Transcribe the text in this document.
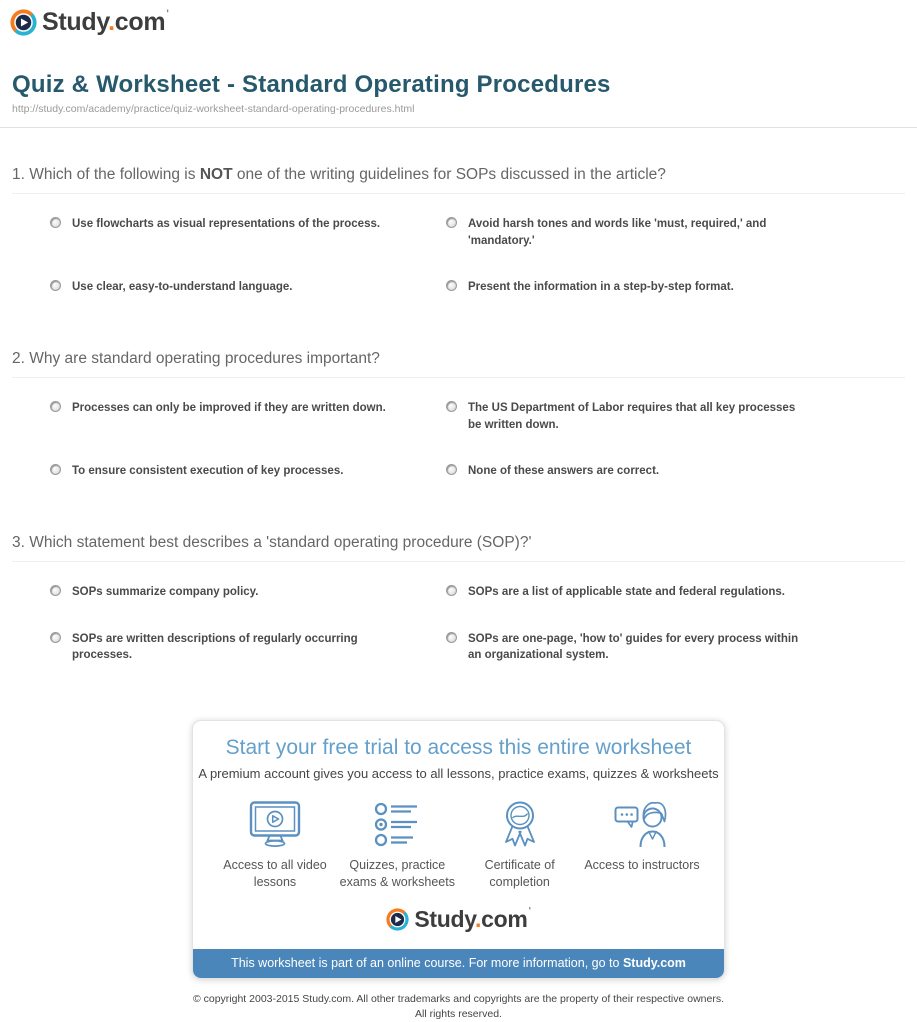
Study.com'
Quiz & Worksheet - Standard Operating Procedures
http://study.com/academy/practice/quiz-worksheet-standard-operating-procedures.html
1. Which of the following is NOT one of the writing guidelines for SOPs discussed in the article?
Use flowcharts as visual representations of the process.	Avoid harsh tones and words like 'must, required,' and 'mandatory.'
Use clear, easy-to-understand language.	Present the information in a step-by-step format.
2. Why are standard operating procedures important?
Processes can only be improved if they are written down.	The US Department of Labor requires that all key processes be written down.
To ensure consistent execution of key processes.	None of these answers are correct.
3. Which statement best describes a 'standard operating procedure (SOP)?'
SOPs summarize company policy.	SOPs are a list of applicable state and federal regulations.
SOPs are written descriptions of regularly occurring processes.
SOPs are one-page, 'how to' guides for every process within an organizational system.
Start your free trial to access this entire worksheet
A premium account gives you access to all lessons, practice exams, quizzes & worksheets
Access to all video lessons
Quizzes, practice exams & worksheets
Certificate of completion
Access to instructors
Study.com'
This worksheet is part of an online course. For more information, go to Study.com
© copyright 2003-2015 Study.com. All other trademarks and copyrights are the property of their respective owners.
All rights reserved.
